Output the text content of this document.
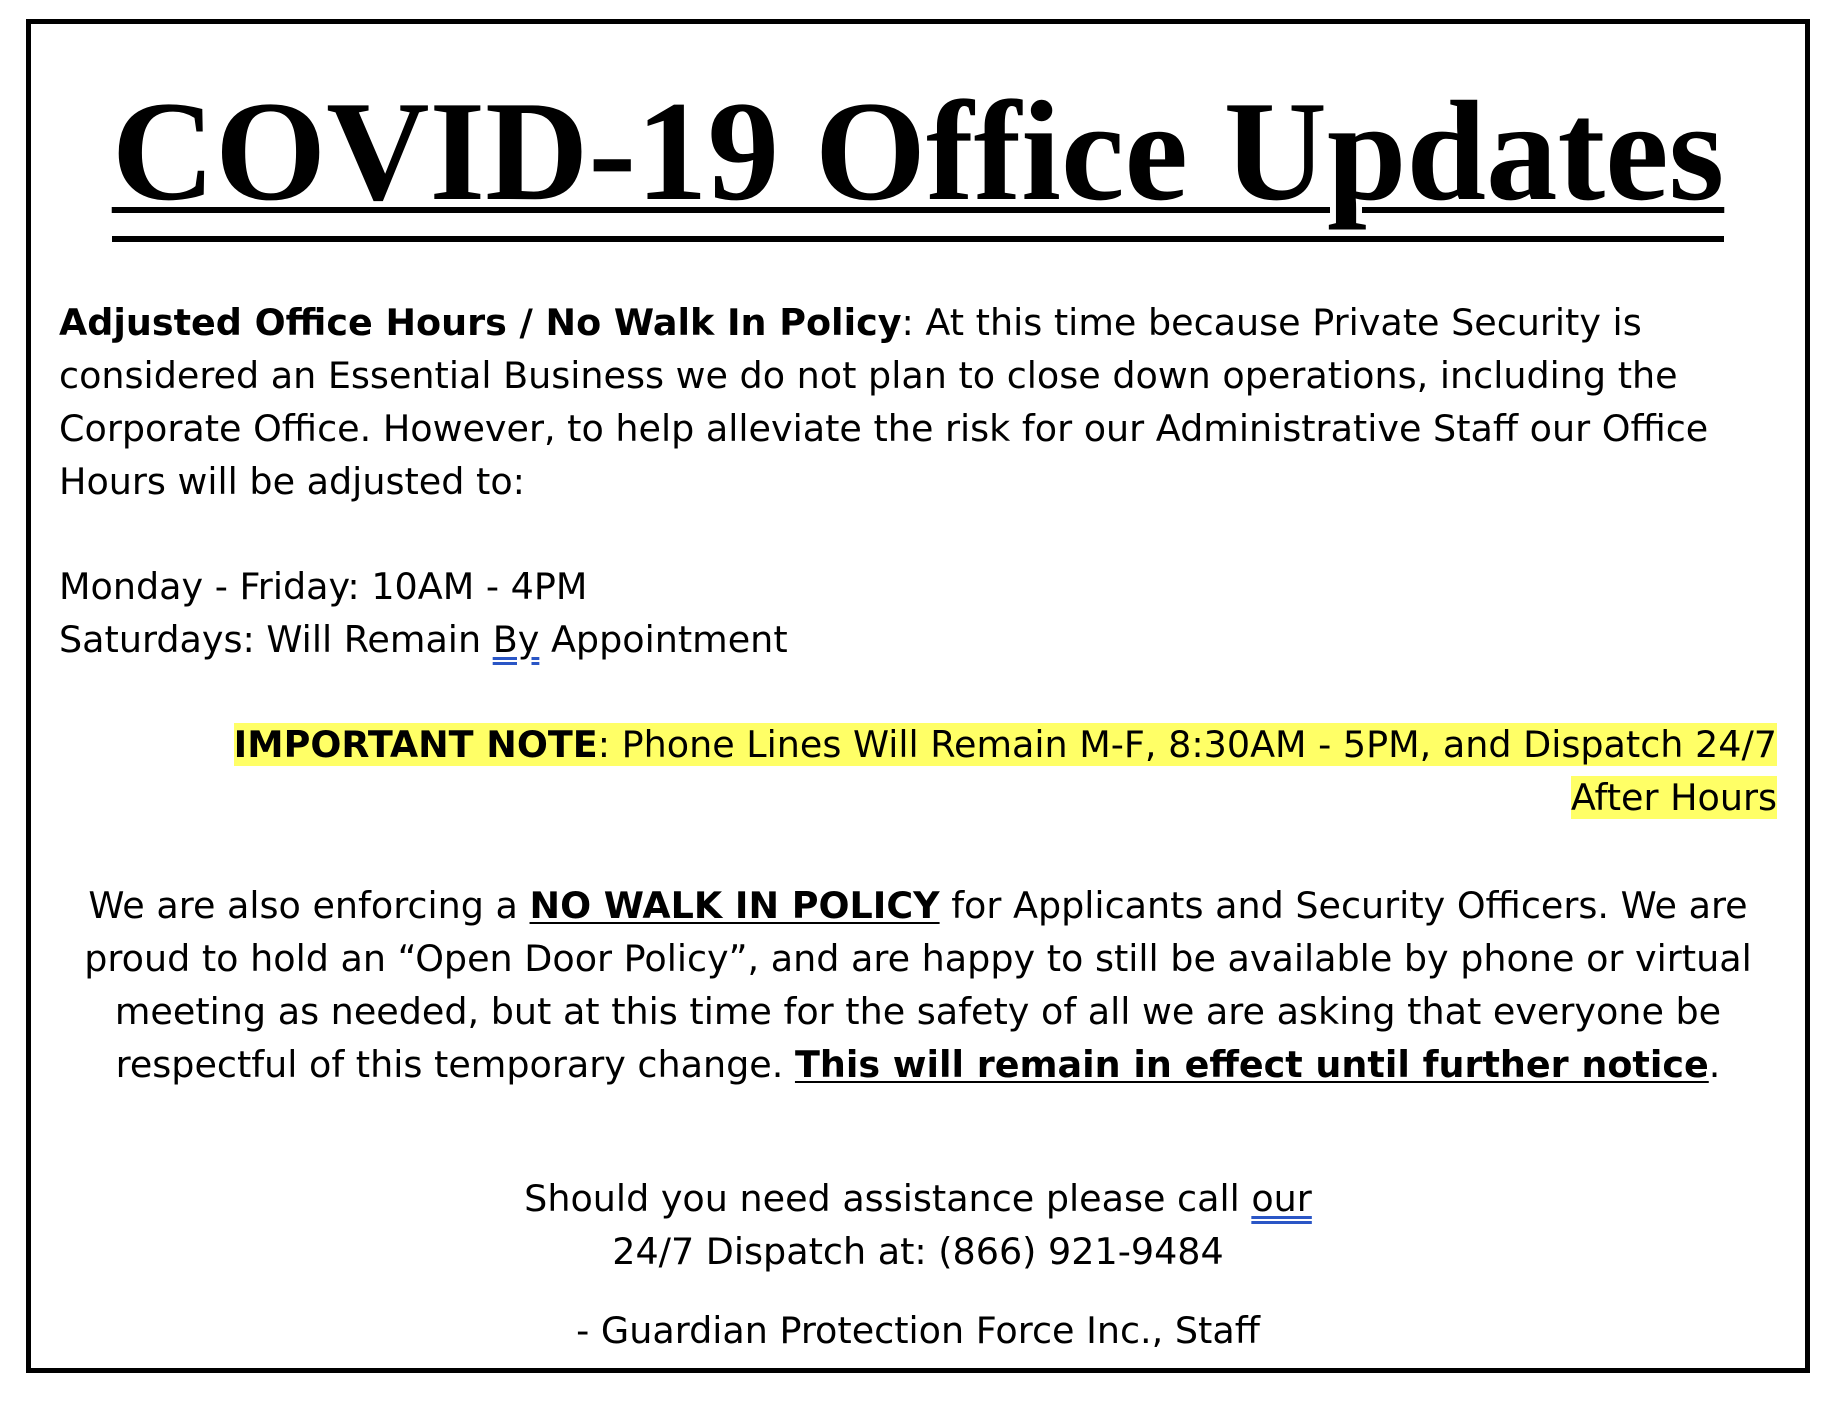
COVID-19 Office Updates
Adjusted Office Hours / No Walk In Policy: At this time because Private Security is considered an Essential Business we do not plan to close down operations, including the Corporate Office. However, to help alleviate the risk for our Administrative Staff our Office Hours will be adjusted to:
Monday - Friday: 10AM - 4PM
Saturdays: Will Remain By Appointment
IMPORTANT NOTE: Phone Lines Will Remain M-F, 8:30AM - 5PM, and Dispatch 24/7
After Hours
We are also enforcing a NO WALK IN POLICY for Applicants and Security Officers. We are proud to hold an “Open Door Policy”, and are happy to still be available by phone or virtual meeting as needed, but at this time for the safety of all we are asking that everyone be respectful of this temporary change. This will remain in effect until further notice.
Should you need assistance please call our
24/7 Dispatch at: (866) 921-9484
- Guardian Protection Force Inc., Staff
